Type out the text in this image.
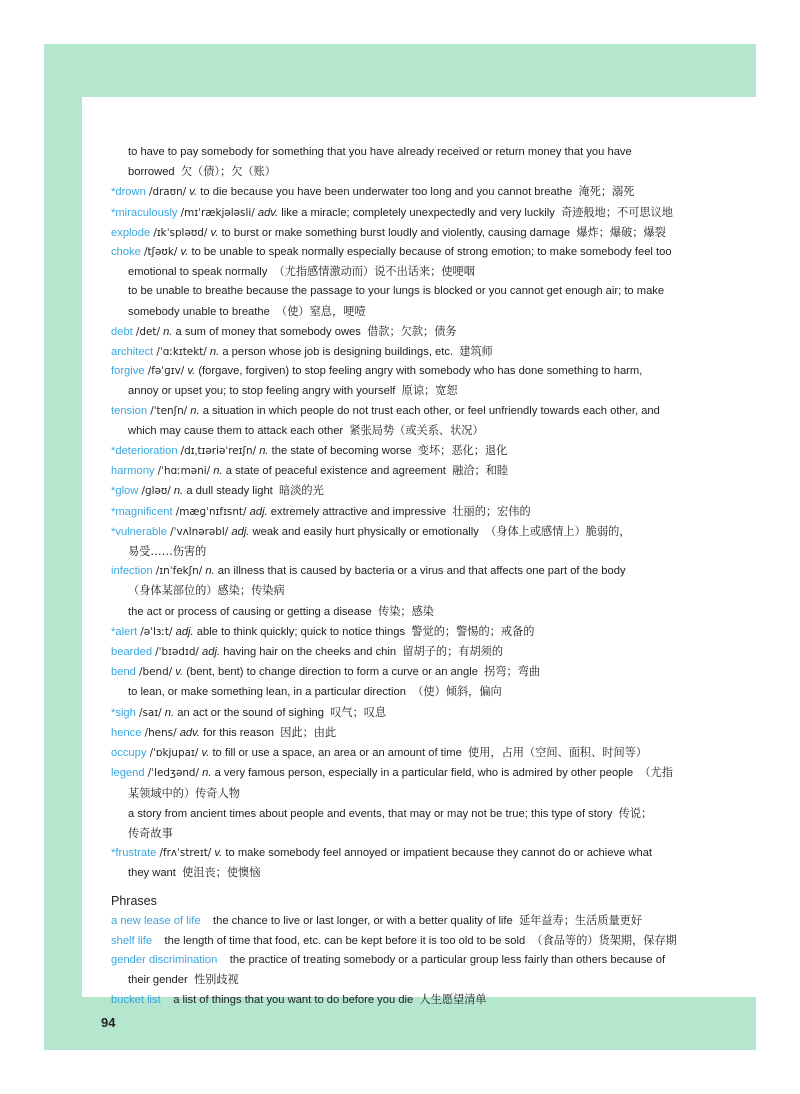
to have to pay somebody for something that you have already received or return money that you have
borrowed 欠（债）；欠（账）
*drown /draʊn/ v. to die because you have been underwater too long and you cannot breathe 淹死；溺死
*miraculously /mɪˈrækjələsli/ adv. like a miracle; completely unexpectedly and very luckily 奇迹般地；不可思议地
explode /ɪkˈspləʊd/ v. to burst or make something burst loudly and violently, causing damage 爆炸；爆破；爆裂
choke /tʃəʊk/ v. to be unable to speak normally especially because of strong emotion; to make somebody feel too
emotional to speak normally （尤指感情激动而）说不出话来；使哽咽
to be unable to breathe because the passage to your lungs is blocked or you cannot get enough air; to make
somebody unable to breathe （使）窒息，哽噎
debt /det/ n. a sum of money that somebody owes 借款；欠款；债务
architect /ˈɑːkɪtekt/ n. a person whose job is designing buildings, etc. 建筑师
forgive /fəˈɡɪv/ v. (forgave, forgiven) to stop feeling angry with somebody who has done something to harm,
annoy or upset you; to stop feeling angry with yourself 原谅；宽恕
tension /ˈtenʃn/ n. a situation in which people do not trust each other, or feel unfriendly towards each other, and
which may cause them to attack each other 紧张局势（或关系、状况）
*deterioration /dɪˌtɪəriəˈreɪʃn/ n. the state of becoming worse 变坏；恶化；退化
harmony /ˈhɑːməni/ n. a state of peaceful existence and agreement 融洽；和睦
*glow /ɡləʊ/ n. a dull steady light 暗淡的光
*magnificent /mæɡˈnɪfɪsnt/ adj. extremely attractive and impressive 壮丽的；宏伟的
*vulnerable /ˈvʌlnərəbl/ adj. weak and easily hurt physically or emotionally （身体上或感情上）脆弱的，
易受……伤害的
infection /ɪnˈfekʃn/ n. an illness that is caused by bacteria or a virus and that affects one part of the body
（身体某部位的）感染；传染病
the act or process of causing or getting a disease 传染；感染
*alert /əˈlɜːt/ adj. able to think quickly; quick to notice things 警觉的；警惕的；戒备的
bearded /ˈbɪədɪd/ adj. having hair on the cheeks and chin 留胡子的；有胡须的
bend /bend/ v. (bent, bent) to change direction to form a curve or an angle 拐弯；弯曲
to lean, or make something lean, in a particular direction （使）倾斜，偏向
*sigh /saɪ/ n. an act or the sound of sighing 叹气；叹息
hence /hens/ adv. for this reason 因此；由此
occupy /ˈɒkjupaɪ/ v. to fill or use a space, an area or an amount of time 使用，占用（空间、面积、时间等）
legend /ˈledʒənd/ n. a very famous person, especially in a particular field, who is admired by other people （尤指
某领域中的）传奇人物
a story from ancient times about people and events, that may or may not be true; this type of story 传说；
传奇故事
*frustrate /frʌˈstreɪt/ v. to make somebody feel annoyed or impatient because they cannot do or achieve what
they want 使沮丧；使懊恼
Phrases
a new lease of life the chance to live or last longer, or with a better quality of life 延年益寿；生活质量更好
shelf life the length of time that food, etc. can be kept before it is too old to be sold （食品等的）货架期，保存期
gender discrimination the practice of treating somebody or a particular group less fairly than others because of
their gender 性别歧视
bucket list a list of things that you want to do before you die 人生愿望清单
94
